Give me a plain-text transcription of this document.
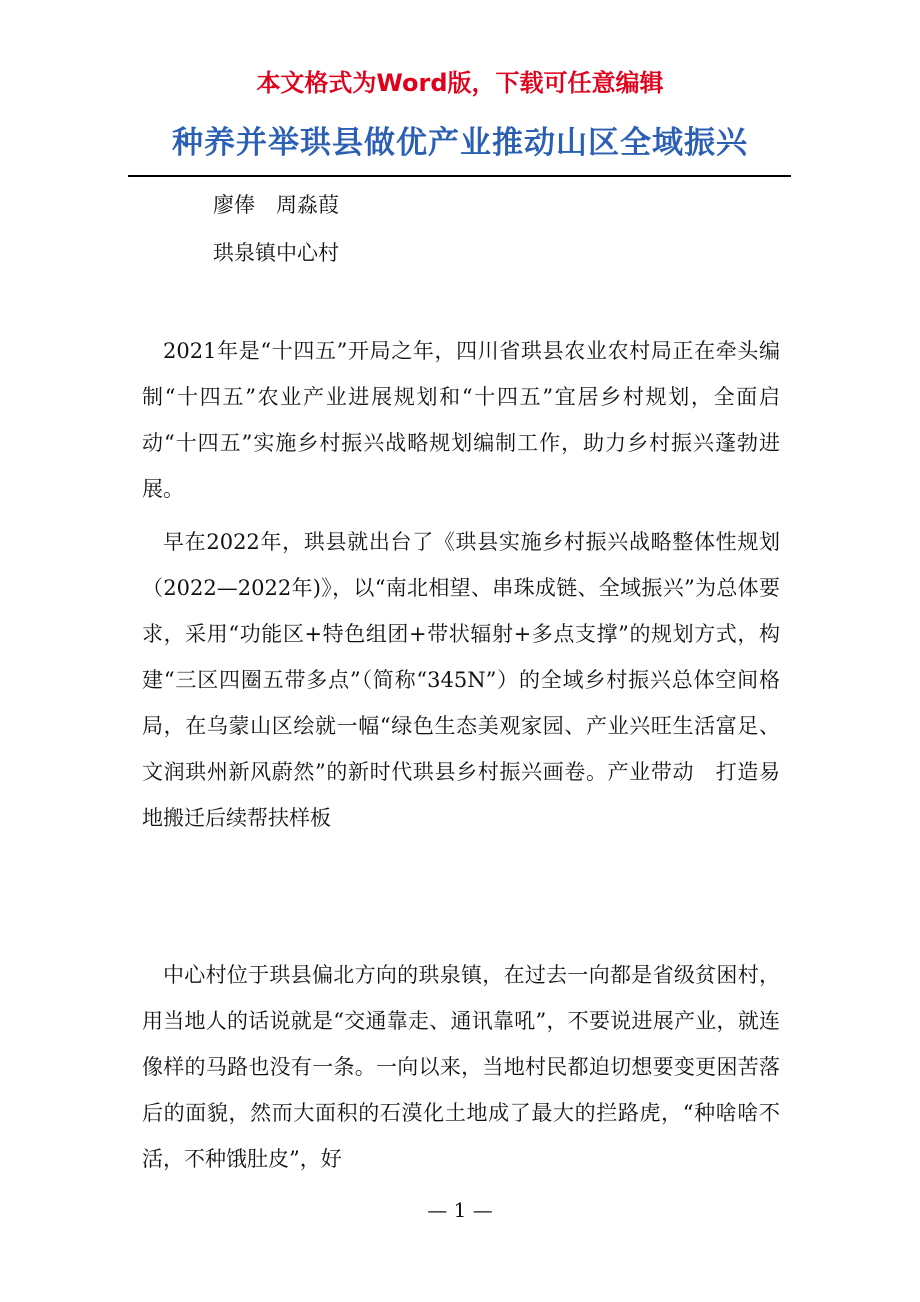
本文格式为Word版，下载可任意编辑
种养并举珙县做优产业推动山区全域振兴
廖俸　周淼葭
珙泉镇中心村

2021年是“十四五”开局之年，四川省珙县农业农村局正在牵头编制“十四五”农业产业进展规划和“十四五”宜居乡村规划，全面启动“十四五”实施乡村振兴战略规划编制工作，助力乡村振兴蓬勃进展。

早在2022年，珙县就出台了《珙县实施乡村振兴战略整体性规划（2022—2022年)》，以“南北相望、串珠成链、全域振兴”为总体要求，采用“功能区+特色组团+带状辐射+多点支撑”的规划方式，构建“三区四圈五带多点”（简称“345N”）的全域乡村振兴总体空间格局，在乌蒙山区绘就一幅“绿色生态美观家园、产业兴旺生活富足、文润珙州新风蔚然”的新时代珙县乡村振兴画卷。产业带动　打造易地搬迁后续帮扶样板

中心村位于珙县偏北方向的珙泉镇，在过去一向都是省级贫困村，用当地人的话说就是“交通靠走、通讯靠吼”，不要说进展产业，就连像样的马路也没有一条。一向以来，当地村民都迫切想要变更困苦落后的面貌，然而大面积的石漠化土地成了最大的拦路虎，“种啥啥不活，不种饿肚皮”，好

— 1 —
